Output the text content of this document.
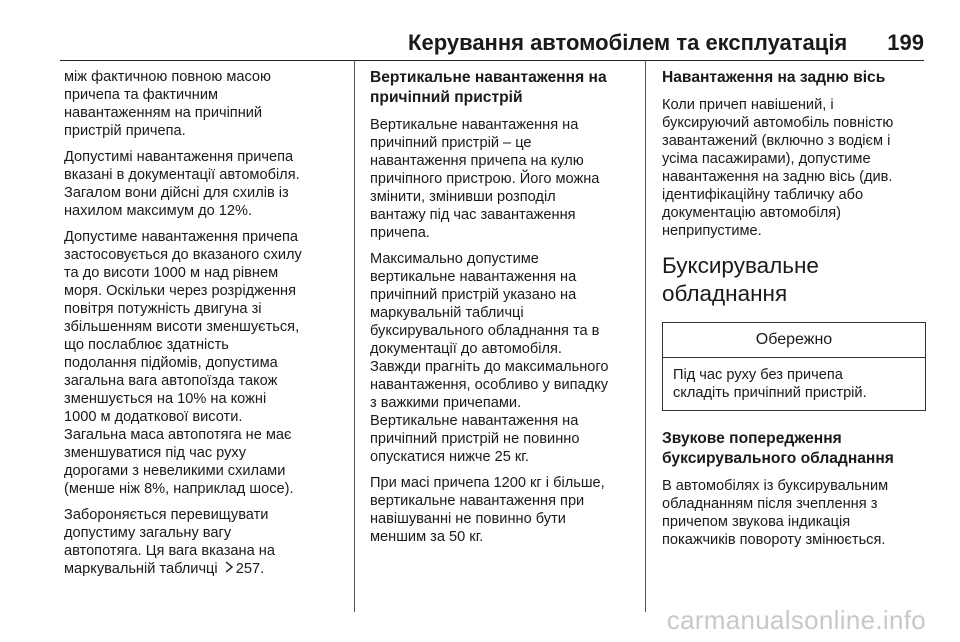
Керування автомобілем та експлуатація 199

між фактичною повною масою
причепа та фактичним
навантаженням на причіпний
пристрій причепа.

Допустимі навантаження причепа
вказані в документації автомобіля.
Загалом вони дійсні для схилів із
нахилом максимум до 12%.

Допустиме навантаження причепа
застосовується до вказаного схилу
та до висоти 1000 м над рівнем
моря. Оскільки через розрідження
повітря потужність двигуна зі
збільшенням висоти зменшується,
що послаблює здатність
подолання підйомів, допустима
загальна вага автопоїзда також
зменшується на 10% на кожні
1000 м додаткової висоти.
Загальна маса автопотяга не має
зменшуватися під час руху
дорогами з невеликими схилами
(менше ніж 8%, наприклад шосе).

Забороняється перевищувати
допустиму загальну вагу
автопотяга. Ця вага вказана на
маркувальній табличці 257.

Вертикальне навантаження на
причіпний пристрій

Вертикальне навантаження на
причіпний пристрій – це
навантаження причепа на кулю
причіпного пристрою. Його можна
змінити, змінивши розподіл
вантажу під час завантаження
причепа.

Максимально допустиме
вертикальне навантаження на
причіпний пристрій указано на
маркувальній табличці
буксирувального обладнання та в
документації до автомобіля.
Завжди прагніть до максимального
навантаження, особливо у випадку
з важкими причепами.
Вертикальне навантаження на
причіпний пристрій не повинно
опускатися нижче 25 кг.

При масі причепа 1200 кг і більше,
вертикальне навантаження при
навішуванні не повинно бути
меншим за 50 кг.

Навантаження на задню вісь

Коли причеп навішений, і
буксируючий автомобіль повністю
завантажений (включно з водієм і
усіма пасажирами), допустиме
навантаження на задню вісь (див.
ідентифікаційну табличку або
документацію автомобіля)
неприпустиме.

Буксирувальне
обладнання
Обережно
Під час руху без причепа
складіть причіпний пристрій.
Звукове попередження
буксирувального обладнання

В автомобілях із буксирувальним
обладнанням після зчеплення з
причепом звукова індикація
покажчиків повороту змінюється.

carmanualsonline.info
